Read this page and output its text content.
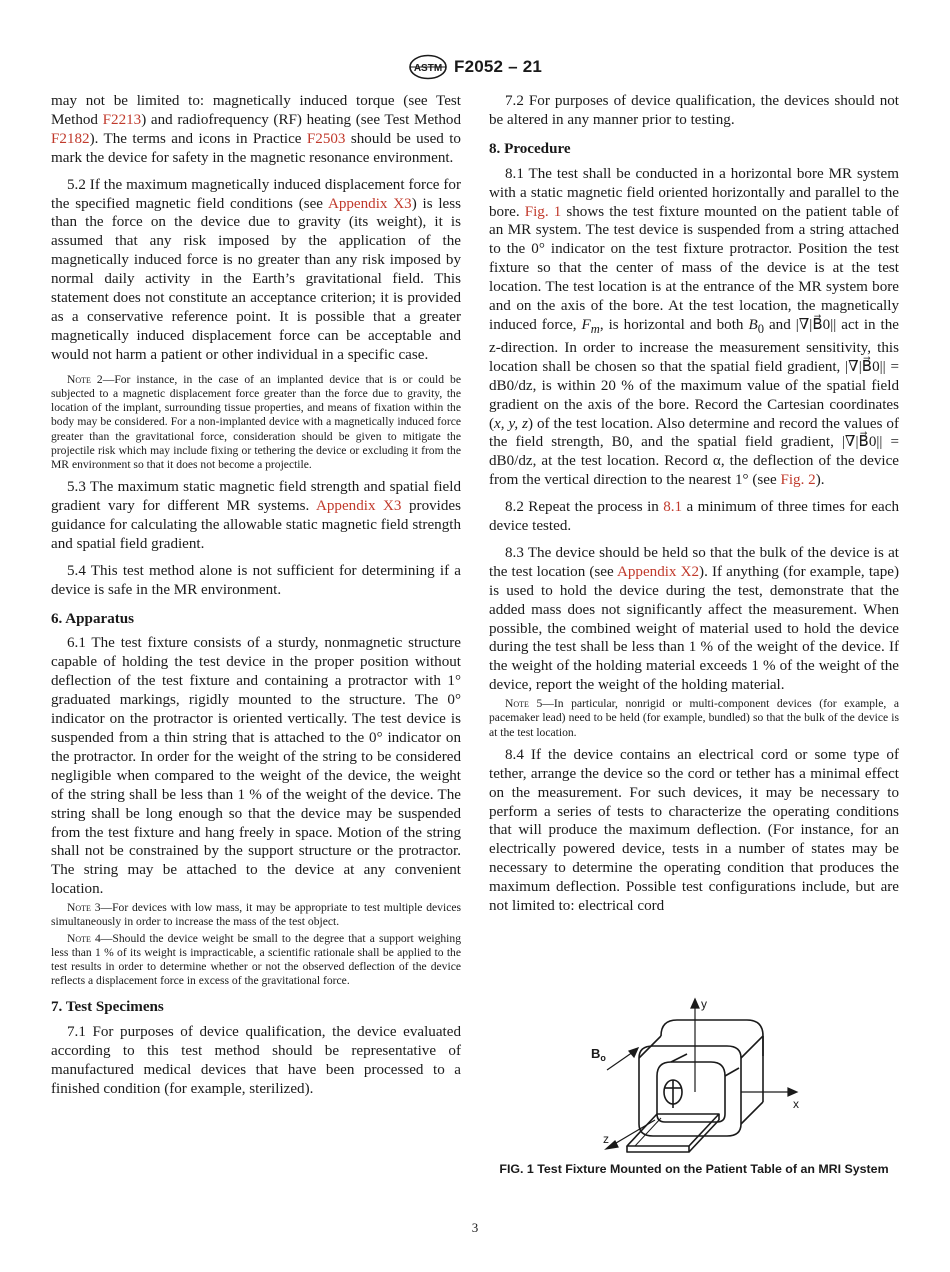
ASTM F2052 – 21

may not be limited to: magnetically induced torque (see Test Method F2213) and radiofrequency (RF) heating (see Test Method F2182). The terms and icons in Practice F2503 should be used to mark the device for safety in the magnetic resonance environment.

5.2 If the maximum magnetically induced displacement force for the specified magnetic field conditions (see Appendix X3) is less than the force on the device due to gravity (its weight), it is assumed that any risk imposed by the application of the magnetically induced force is no greater than any risk imposed by normal daily activity in the Earth’s gravitational field. This statement does not constitute an acceptance criterion; it is provided as a conservative reference point. It is possible that a greater magnetically induced displacement force can be acceptable and would not harm a patient or other individual in a specific case.

Note 2—For instance, in the case of an implanted device that is or could be subjected to a magnetic displacement force greater than the force due to gravity, the location of the implant, surrounding tissue properties, and means of fixation within the body may be considered. For a non-implanted device with a magnetically induced force greater than the gravitational force, consideration should be given to mitigate the projectile risk which may include fixing or tethering the device or excluding it from the MR environment so that it does not become a projectile.

5.3 The maximum static magnetic field strength and spatial field gradient vary for different MR systems. Appendix X3 provides guidance for calculating the allowable static magnetic field strength and spatial field gradient.

5.4 This test method alone is not sufficient for determining if a device is safe in the MR environment.

6. Apparatus

6.1 The test fixture consists of a sturdy, nonmagnetic structure capable of holding the test device in the proper position without deflection of the test fixture and containing a protractor with 1° graduated markings, rigidly mounted to the structure. The 0° indicator on the protractor is oriented vertically. The test device is suspended from a thin string that is attached to the 0° indicator on the protractor. In order for the weight of the string to be considered negligible when compared to the weight of the device, the weight of the string shall be less than 1 % of the weight of the device. The string shall be long enough so that the device may be suspended from the test fixture and hang freely in space. Motion of the string shall not be constrained by the support structure or the protractor. The string may be attached to the device at any convenient location.

Note 3—For devices with low mass, it may be appropriate to test multiple devices simultaneously in order to increase the mass of the test object.
Note 4—Should the device weight be small to the degree that a support weighing less than 1 % of its weight is impracticable, a scientific rationale shall be applied to the test results in order to determine whether or not the observed deflection of the device reflects a displacement force in excess of the gravitational force.
7. Test Specimens

7.1 For purposes of device qualification, the device evaluated according to this test method should be representative of manufactured medical devices that have been processed to a finished condition (for example, sterilized).

7.2 For purposes of device qualification, the devices should not be altered in any manner prior to testing.

8. Procedure

8.1 The test shall be conducted in a horizontal bore MR system with a static magnetic field oriented horizontally and parallel to the bore. Fig. 1 shows the test fixture mounted on the patient table of an MR system. The test device is suspended from a string attached to the 0° indicator on the test fixture protractor. Position the test fixture so that the center of mass of the device is at the test location. The test location is at the entrance of the MR system bore and on the axis of the bore. At the test location, the magnetically induced force, $F_m$, is horizontal and both $B_0$ and |∇|B⃗0|| act in the z-direction. In order to increase the measurement sensitivity, this location shall be chosen so that the spatial field gradient, |∇|B⃗0|| = dB0/dz, is within 20 % of the maximum value of the spatial field gradient on the axis of the bore. Record the Cartesian coordinates (x, y, z) of the test location. Also determine and record the values of the field strength, B0, and the spatial field gradient, |∇|B⃗0|| = dB0/dz, at the test location. Record α, the deflection of the device from the vertical direction to the nearest 1° (see Fig. 2).

8.2 Repeat the process in 8.1 a minimum of three times for each device tested.

8.3 The device should be held so that the bulk of the device is at the test location (see Appendix X2). If anything (for example, tape) is used to hold the device during the test, demonstrate that the added mass does not significantly affect the measurement. When possible, the combined weight of material used to hold the device during the test shall be less than 1 % of the weight of the device. If the weight of the holding material exceeds 1 % of the weight of the device, report the weight of the holding material.

Note 5—In particular, nonrigid or multi-component devices (for example, a pacemaker lead) need to be held (for example, bundled) so that the bulk of the device is at the test location.

8.4 If the device contains an electrical cord or some type of tether, arrange the device so the cord or tether has a minimal effect on the measurement. For such devices, it may be necessary to perform a series of tests to characterize the operating conditions that will produce the maximum deflection. (For instance, for an electrically powered device, tests in a number of states may be necessary to determine the operating condition that produces the maximum deflection. Possible test configurations include, but are not limited to: electrical cord

y
x
z
$B_o$
FIG. 1 Test Fixture Mounted on the Patient Table of an MRI System
3
